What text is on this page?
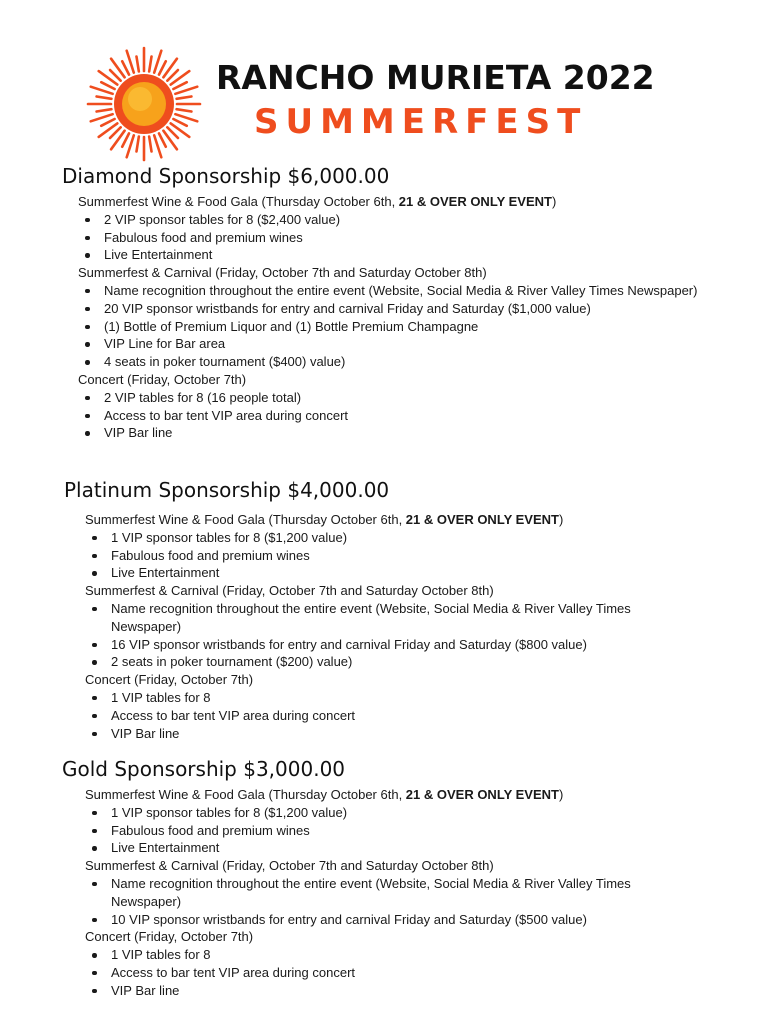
RANCHO MURIETA 2022
SUMMERFEST
Diamond Sponsorship $6,000.00
Summerfest Wine & Food Gala (Thursday October 6th, 21 & OVER ONLY EVENT)
2 VIP sponsor tables for 8 ($2,400 value)
Fabulous food and premium wines
Live Entertainment
Summerfest & Carnival (Friday, October 7th and Saturday October 8th)
Name recognition throughout the entire event (Website, Social Media & River Valley Times Newspaper)
20 VIP sponsor wristbands for entry and carnival Friday and Saturday ($1,000 value)
(1) Bottle of Premium Liquor and (1) Bottle Premium Champagne
VIP Line for Bar area
4 seats in poker tournament ($400) value)
Concert (Friday, October 7th)
2 VIP tables for 8 (16 people total)
Access to bar tent VIP area during concert
VIP Bar line
Platinum Sponsorship $4,000.00
Summerfest Wine & Food Gala (Thursday October 6th, 21 & OVER ONLY EVENT)
1 VIP sponsor tables for 8 ($1,200 value)
Fabulous food and premium wines
Live Entertainment
Summerfest & Carnival (Friday, October 7th and Saturday October 8th)
Name recognition throughout the entire event (Website, Social Media & River Valley Times Newspaper)
16 VIP sponsor wristbands for entry and carnival Friday and Saturday ($800 value)
2 seats in poker tournament ($200) value)
Concert (Friday, October 7th)
1 VIP tables for 8
Access to bar tent VIP area during concert
VIP Bar line
Gold Sponsorship $3,000.00
Summerfest Wine & Food Gala (Thursday October 6th, 21 & OVER ONLY EVENT)
1 VIP sponsor tables for 8 ($1,200 value)
Fabulous food and premium wines
Live Entertainment
Summerfest & Carnival (Friday, October 7th and Saturday October 8th)
Name recognition throughout the entire event (Website, Social Media & River Valley Times Newspaper)
10 VIP sponsor wristbands for entry and carnival Friday and Saturday ($500 value)
Concert (Friday, October 7th)
1 VIP tables for 8
Access to bar tent VIP area during concert
VIP Bar line
